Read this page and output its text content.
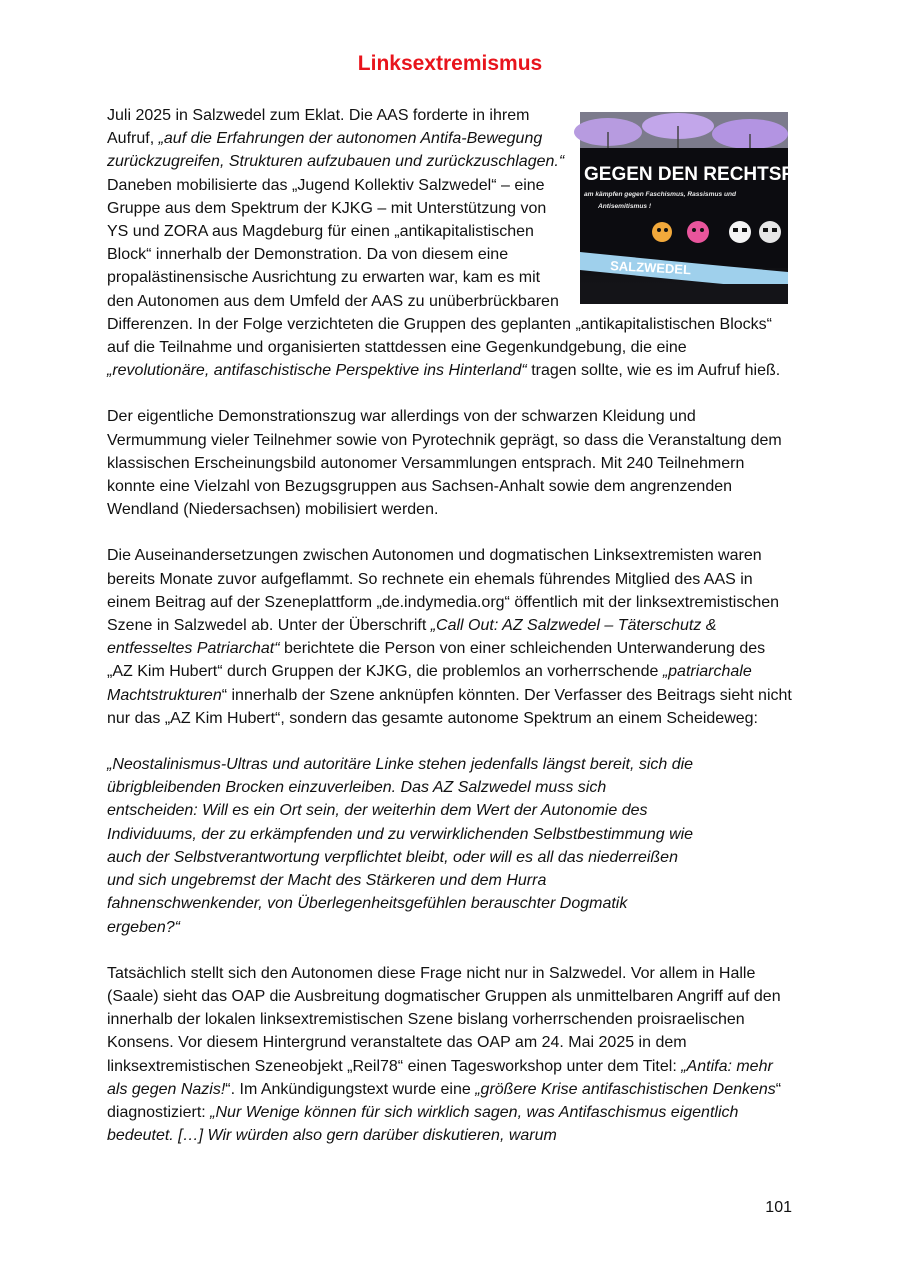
Linksextremismus

GEGEN DEN RECHTSRUCK
am kämpfen gegen Faschismus, Rassismus und
Antisemitismus !
SALZWEDEL
Juli 2025 in Salzwedel zum Eklat. Die AAS forderte in ihrem Aufruf, „auf die Erfahrungen der autonomen Antifa-Bewegung zurückzugreifen, Strukturen aufzubauen und zurückzuschlagen.“ Daneben mobilisierte das „Jugend Kollektiv Salzwedel“ – eine Gruppe aus dem Spektrum der KJKG – mit Unterstützung von YS und ZORA aus Magdeburg für einen „antikapitalistischen Block“ innerhalb der Demonstration. Da von diesem eine propalästinensische Ausrichtung zu erwarten war, kam es mit den Autonomen aus dem Umfeld der AAS zu unüberbrückbaren Differenzen. In der Folge verzichteten die Gruppen des geplanten „antikapitalistischen Blocks“ auf die Teilnahme und organisierten stattdessen eine Gegenkundgebung, die eine „revolutionäre, antifaschistische Perspektive ins Hinterland“ tragen sollte, wie es im Aufruf hieß.

Der eigentliche Demonstrationszug war allerdings von der schwarzen Kleidung und Vermummung vieler Teilnehmer sowie von Pyrotechnik geprägt, so dass die Veranstaltung dem klassischen Erscheinungsbild autonomer Versammlungen entsprach. Mit 240 Teilnehmern konnte eine Vielzahl von Bezugsgruppen aus Sachsen-Anhalt sowie dem angrenzenden Wendland (Niedersachsen) mobilisiert werden.

Die Auseinandersetzungen zwischen Autonomen und dogmatischen Linksextremisten waren bereits Monate zuvor aufgeflammt. So rechnete ein ehemals führendes Mitglied des AAS in einem Beitrag auf der Szeneplattform „de.indymedia.org“ öffentlich mit der linksextremistischen Szene in Salzwedel ab. Unter der Überschrift „Call Out: AZ Salzwedel – Täterschutz & entfesseltes Patriarchat“ berichtete die Person von einer schleichenden Unterwanderung des „AZ Kim Hubert“ durch Gruppen der KJKG, die problemlos an vorherrschende „patriarchale Machtstrukturen“ innerhalb der Szene anknüpfen könnten. Der Verfasser des Beitrags sieht nicht nur das „AZ Kim Hubert“, sondern das gesamte autonome Spektrum an einem Scheideweg:

„Neostalinismus-Ultras und autoritäre Linke stehen jedenfalls längst bereit, sich die übrigbleibenden Brocken einzuverleiben. Das AZ Salzwedel muss sich entscheiden: Will es ein Ort sein, der weiterhin dem Wert der Autonomie des Individuums, der zu erkämpfenden und zu verwirklichenden Selbstbestimmung wie auch der Selbstverantwortung verpflichtet bleibt, oder will es all das niederreißen und sich ungebremst der Macht des Stärkeren und dem Hurra fahnenschwenkender, von Überlegenheitsgefühlen berauschter Dogmatik ergeben?“

Tatsächlich stellt sich den Autonomen diese Frage nicht nur in Salzwedel. Vor allem in Halle (Saale) sieht das OAP die Ausbreitung dogmatischer Gruppen als unmittelbaren Angriff auf den innerhalb der lokalen linksextremistischen Szene bislang vorherrschenden proisraelischen Konsens. Vor diesem Hintergrund veranstaltete das OAP am 24. Mai 2025 in dem linksextremistischen Szeneobjekt „Reil78“ einen Tagesworkshop unter dem Titel: „Antifa: mehr als gegen Nazis!“. Im Ankündigungstext wurde eine „größere Krise antifaschistischen Denkens“ diagnostiziert: „Nur Wenige können für sich wirklich sagen, was Antifaschismus eigentlich bedeutet. […] Wir würden also gern darüber diskutieren, warum

101
